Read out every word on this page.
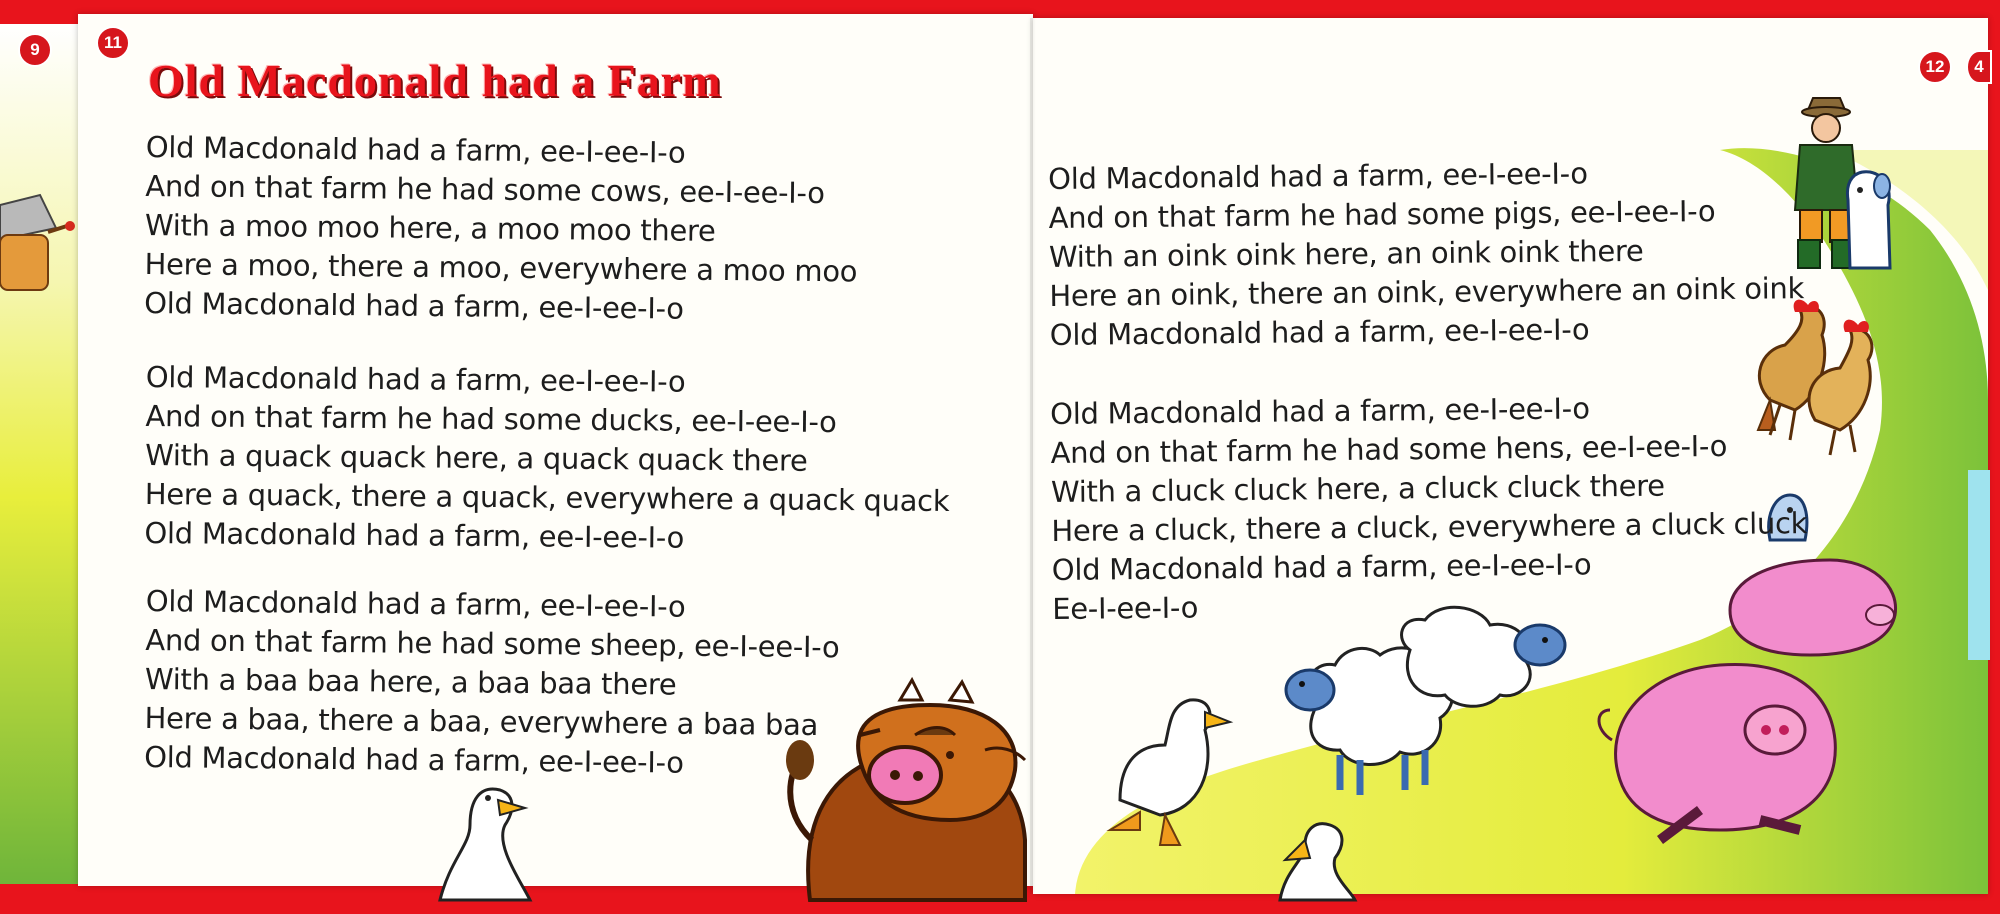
9	11
12	4
Old Macdonald had a Farm
Old Macdonald had a farm, ee-I-ee-I-o
And on that farm he had some cows, ee-I-ee-I-o
With a moo moo here, a moo moo there
Here a moo, there a moo, everywhere a moo moo
Old Macdonald had a farm, ee-I-ee-I-o
Old Macdonald had a farm, ee-I-ee-I-o
And on that farm he had some ducks, ee-I-ee-I-o
With a quack quack here, a quack quack there
Here a quack, there a quack, everywhere a quack quack
Old Macdonald had a farm, ee-I-ee-I-o
Old Macdonald had a farm, ee-I-ee-I-o
And on that farm he had some sheep, ee-I-ee-I-o
With a baa baa here, a baa baa there
Here a baa, there a baa, everywhere a baa baa
Old Macdonald had a farm, ee-I-ee-I-o
Old Macdonald had a farm, ee-I-ee-I-o
And on that farm he had some pigs, ee-I-ee-I-o
With an oink oink here, an oink oink there
Here an oink, there an oink, everywhere an oink oink
Old Macdonald had a farm, ee-I-ee-I-o
Old Macdonald had a farm, ee-I-ee-I-o
And on that farm he had some hens, ee-I-ee-I-o
With a cluck cluck here, a cluck cluck there
Here a cluck, there a cluck, everywhere a cluck cluck
Old Macdonald had a farm, ee-I-ee-I-o
Ee-I-ee-I-o
